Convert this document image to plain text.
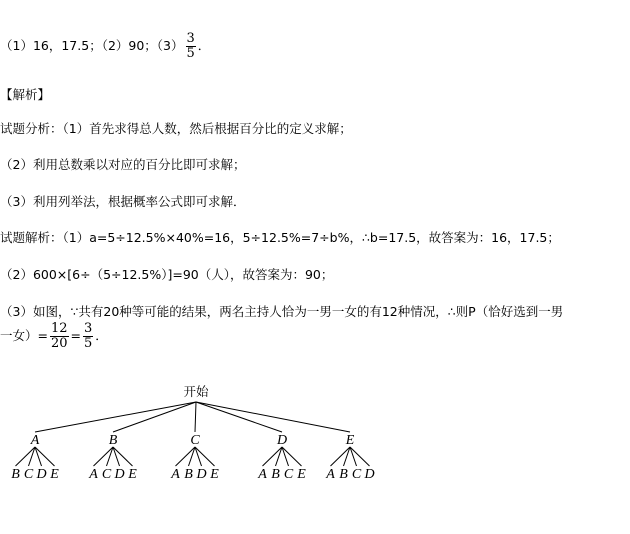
（1）16，17.5；（2）90；$(3) \frac{3}{5}$ ．
【解析】
试题分析：（1）首先求得总人数，然后根据百分比的定义求解；
（2）利用总数乘以对应的百分比即可求解；
（3）利用列举法，根据概率公式即可求解．
试题解析：（1）a=5÷12.5%×40%=16，5÷12.5%=7÷b%，∴b=17.5，故答案为：16，17.5；
（2）600×[6÷（5÷12.5%）]=90（人），故答案为：90；
（3）如图，∵共有20种等可能的结果，两名主持人恰为一男一女的有12种情况，∴则P（恰好选到一男
一女）= $\frac{12}{20} = \frac{3}{5}$ ．
开始
A
B C D E
B
A C D E
C
A B D E
D
A B C E
E
A B C D
